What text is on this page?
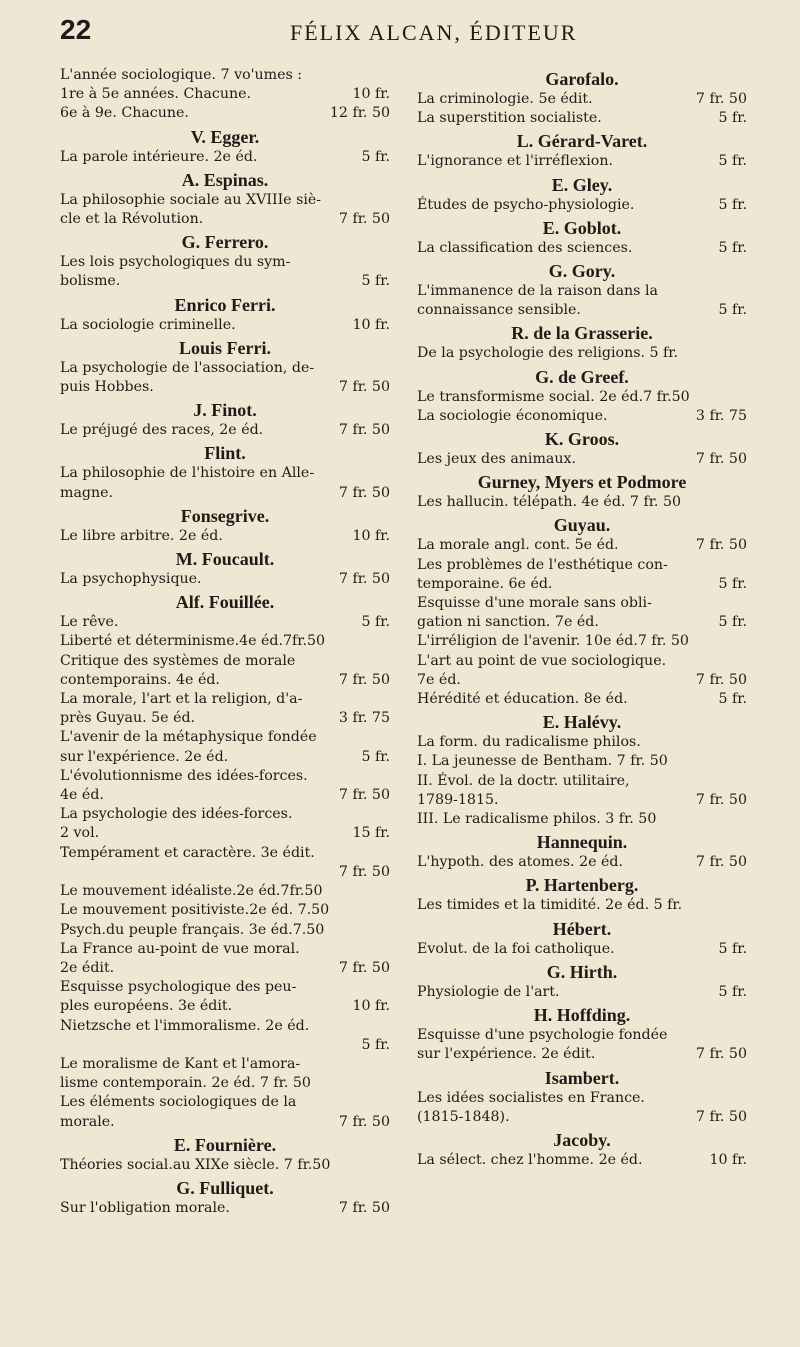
22	FÉLIX ALCAN, ÉDITEUR
L'année sociologique. 7 vo'umes :
1re à 5e années. Chacune.	10 fr.
6e à 9e. Chacune.	12 fr. 50
V. Egger.
La parole intérieure. 2e éd.	5 fr.
A. Espinas.
La philosophie sociale au XVIIIe siè-
cle et la Révolution.	7 fr. 50
G. Ferrero.
Les lois psychologiques du sym-
bolisme.	5 fr.
Enrico Ferri.
La sociologie criminelle.	10 fr.
Louis Ferri.
La psychologie de l'association, de-
puis Hobbes.	7 fr. 50
J. Finot.
Le préjugé des races, 2e éd.	7 fr. 50
Flint.
La philosophie de l'histoire en Alle-
magne.	7 fr. 50
Fonsegrive.
Le libre arbitre. 2e éd.	10 fr.
M. Foucault.
La psychophysique.	7 fr. 50
Alf. Fouillée.
Le rêve.	5 fr.
Liberté et déterminisme.4e éd.7fr.50
Critique des systèmes de morale
contemporains. 4e éd.	7 fr. 50
La morale, l'art et la religion, d'a-
près Guyau. 5e éd.	3 fr. 75
L'avenir de la métaphysique fondée
sur l'expérience. 2e éd.	5 fr.
L'évolutionnisme des idées-forces.
4e éd.	7 fr. 50
La psychologie des idées-forces.
2 vol.	15 fr.
Tempérament et caractère. 3e édit.
7 fr. 50
Le mouvement idéaliste.2e éd.7fr.50
Le mouvement positiviste.2e éd. 7.50
Psych.du peuple français. 3e éd.7.50
La France au-point de vue moral.
2e édit.	7 fr. 50
Esquisse psychologique des peu-
ples européens. 3e édit.	10 fr.
Nietzsche et l'immoralisme. 2e éd.
5 fr.
Le moralisme de Kant et l'amora-
lisme contemporain. 2e éd. 7 fr. 50
Les éléments sociologiques de la
morale.	7 fr. 50
E. Fournière.
Théories social.au XIXe siècle. 7 fr.50
G. Fulliquet.
Sur l'obligation morale.	7 fr. 50
Garofalo.
La criminologie. 5e édit.	7 fr. 50
La superstition socialiste.	5 fr.
L. Gérard-Varet.
L'ignorance et l'irréflexion.	5 fr.
E. Gley.
Études de psycho-physiologie.	5 fr.
E. Goblot.
La classification des sciences.	5 fr.
G. Gory.
L'immanence de la raison dans la
connaissance sensible.	5 fr.
R. de la Grasserie.
De la psychologie des religions. 5 fr.
G. de Greef.
Le transformisme social. 2e éd.7 fr.50
La sociologie économique.	3 fr. 75
K. Groos.
Les jeux des animaux.	7 fr. 50
Gurney, Myers et Podmore
Les hallucin. télépath. 4e éd. 7 fr. 50
Guyau.
La morale angl. cont. 5e éd.	7 fr. 50
Les problèmes de l'esthétique con-
temporaine. 6e éd.	5 fr.
Esquisse d'une morale sans obli-
gation ni sanction. 7e éd.	5 fr.
L'irréligion de l'avenir. 10e éd.7 fr. 50
L'art au point de vue sociologique.
7e éd.	7 fr. 50
Hérédité et éducation. 8e éd.	5 fr.
E. Halévy.
La form. du radicalisme philos.
I. La jeunesse de Bentham. 7 fr. 50
II. Évol. de la doctr. utilitaire,
1789-1815.	7 fr. 50
III. Le radicalisme philos. 3 fr. 50
Hannequin.
L'hypoth. des atomes. 2e éd.	7 fr. 50
P. Hartenberg.
Les timides et la timidité. 2e éd. 5 fr.
Hébert.
Evolut. de la foi catholique.	5 fr.
G. Hirth.
Physiologie de l'art.	5 fr.
H. Hoffding.
Esquisse d'une psychologie fondée
sur l'expérience. 2e édit.	7 fr. 50
Isambert.
Les idées socialistes en France.
(1815-1848).	7 fr. 50
Jacoby.
La sélect. chez l'homme. 2e éd.	10 fr.
